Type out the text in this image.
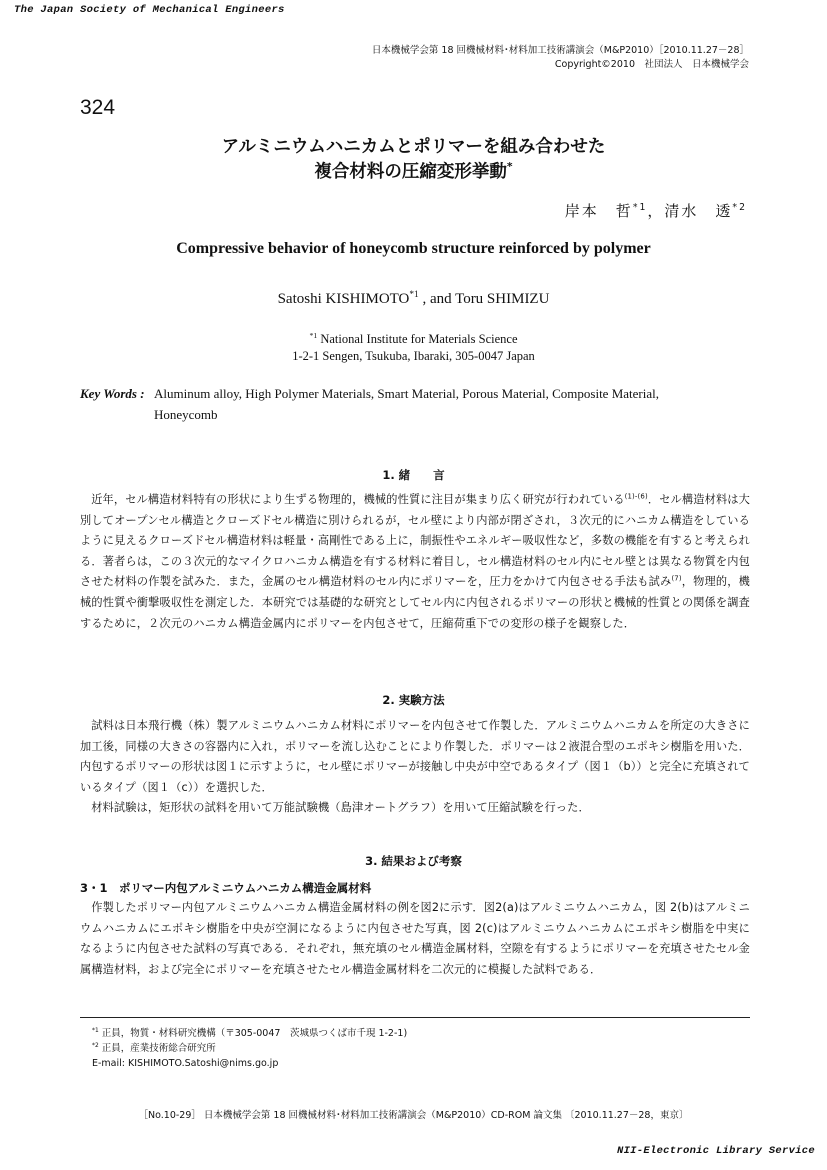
The Japan Society of Mechanical Engineers
日本機械学会第 18 回機械材料･材料加工技術講演会（M&P2010）［2010.11.27－28］
Copyright©2010　社団法人　日本機械学会
324
アルミニウムハニカムとポリマーを組み合わせた
複合材料の圧縮変形挙動*
岸本　哲$^{*1}$，清水　透$^{*2}$
Compressive behavior of honeycomb structure reinforced by polymer
Satoshi KISHIMOTO$^{*1}$ , and Toru SHIMIZU
$^{*1}$ National Institute for Materials Science
1-2-1 Sengen, Tsukuba, Ibaraki, 305-0047 Japan
Key Words : Aluminum alloy, High Polymer Materials, Smart Material, Porous Material, Composite Material, Honeycomb
1. 緒　　言

近年，セル構造材料特有の形状により生ずる物理的，機械的性質に注目が集まり広く研究が行われている$^{(1)-(6)}$．セル構造材料は大別してオープンセル構造とクローズドセル構造に別けられるが，セル壁により内部が閉ざされ，３次元的にハニカム構造をしているように見えるクローズドセル構造材料は軽量・高剛性である上に，制振性やエネルギー吸収性など，多数の機能を有すると考えられる．著者らは，この３次元的なマイクロハニカム構造を有する材料に着目し，セル構造材料のセル内にセル壁とは異なる物質を内包させた材料の作製を試みた．また，金属のセル構造材料のセル内にポリマーを，圧力をかけて内包させる手法も試み$^{(7)}$，物理的，機械的性質や衝撃吸収性を測定した．本研究では基礎的な研究としてセル内に内包されるポリマーの形状と機械的性質との関係を調査するために，２次元のハニカム構造金属内にポリマーを内包させて，圧縮荷重下での変形の様子を観察した．

2. 実験方法

試料は日本飛行機（株）製アルミニウムハニカム材料にポリマーを内包させて作製した．アルミニウムハニカムを所定の大きさに加工後，同様の大きさの容器内に入れ，ポリマーを流し込むことにより作製した．ポリマーは２液混合型のエポキシ樹脂を用いた．内包するポリマーの形状は図１に示すように，セル壁にポリマーが接触し中央が中空であるタイプ（図１（b））と完全に充填されているタイプ（図１（c））を選択した．

材料試験は，矩形状の試料を用いて万能試験機（島津オートグラフ）を用いて圧縮試験を行った．

3. 結果および考察
3・1　ポリマー内包アルミニウムハニカム構造金属材料

作製したポリマー内包アルミニウムハニカム構造金属材料の例を図2に示す．図2(a)はアルミニウムハニカム，図 2(b)はアルミニウムハニカムにエポキシ樹脂を中央が空洞になるように内包させた写真，図 2(c)はアルミニウムハニカムにエポキシ樹脂を中実になるように内包させた試料の写真である．それぞれ，無充填のセル構造金属材料，空隙を有するようにポリマーを充填させたセル金属構造材料，および完全にポリマーを充填させたセル構造金属材料を二次元的に模擬した試料である．

$^{*1}$ 正員，物質・材料研究機構（〒305-0047　茨城県つくば市千現 1-2-1)
$^{*2}$ 正員，産業技術総合研究所
E-mail: KISHIMOTO.Satoshi@nims.go.jp
［No.10-29］ 日本機械学会第 18 回機械材料･材料加工技術講演会（M&P2010）CD-ROM 論文集 〔2010.11.27－28，東京〕
NII-Electronic Library Service
